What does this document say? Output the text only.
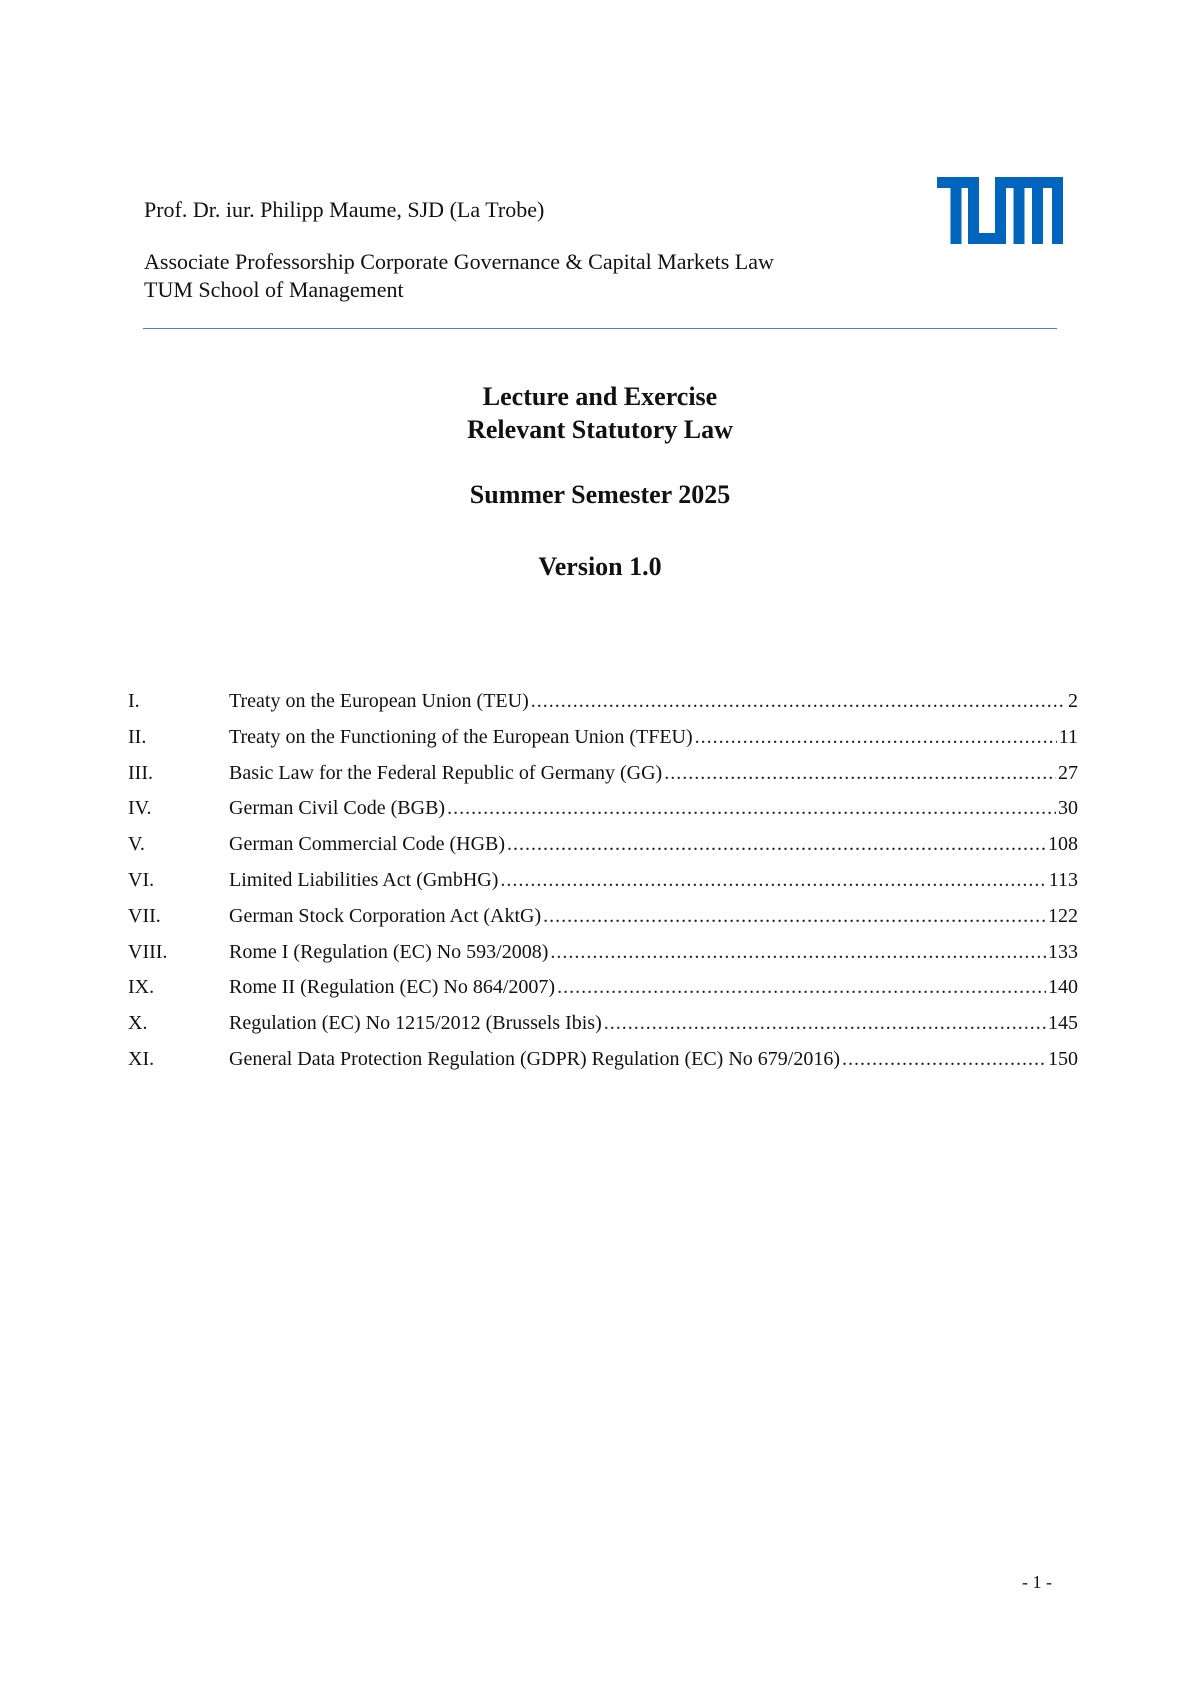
Prof. Dr. iur. Philipp Maume, SJD (La Trobe)

Associate Professorship Corporate Governance & Capital Markets Law

TUM School of Management

Lecture and Exercise
Relevant Statutory Law
Summer Semester 2025
Version 1.0
I.	Treaty on the European Union (TEU) .....	2
II.	Treaty on the Functioning of the European Union (TFEU) .....	11
III.	Basic Law for the Federal Republic of Germany (GG) .....	27
IV.	German Civil Code (BGB) .....	30
V.	German Commercial Code (HGB) .....	108
VI.	Limited Liabilities Act (GmbHG) .....	113
VII.	German Stock Corporation Act (AktG) .....	122
VIII.	Rome I (Regulation (EC) No 593/2008) .....	133
IX.	Rome II (Regulation (EC) No 864/2007) .....	140
X.	Regulation (EC) No 1215/2012 (Brussels Ibis) .....	145
XI.	General Data Protection Regulation (GDPR) Regulation (EC) No 679/2016) .....	150
- 1 -
